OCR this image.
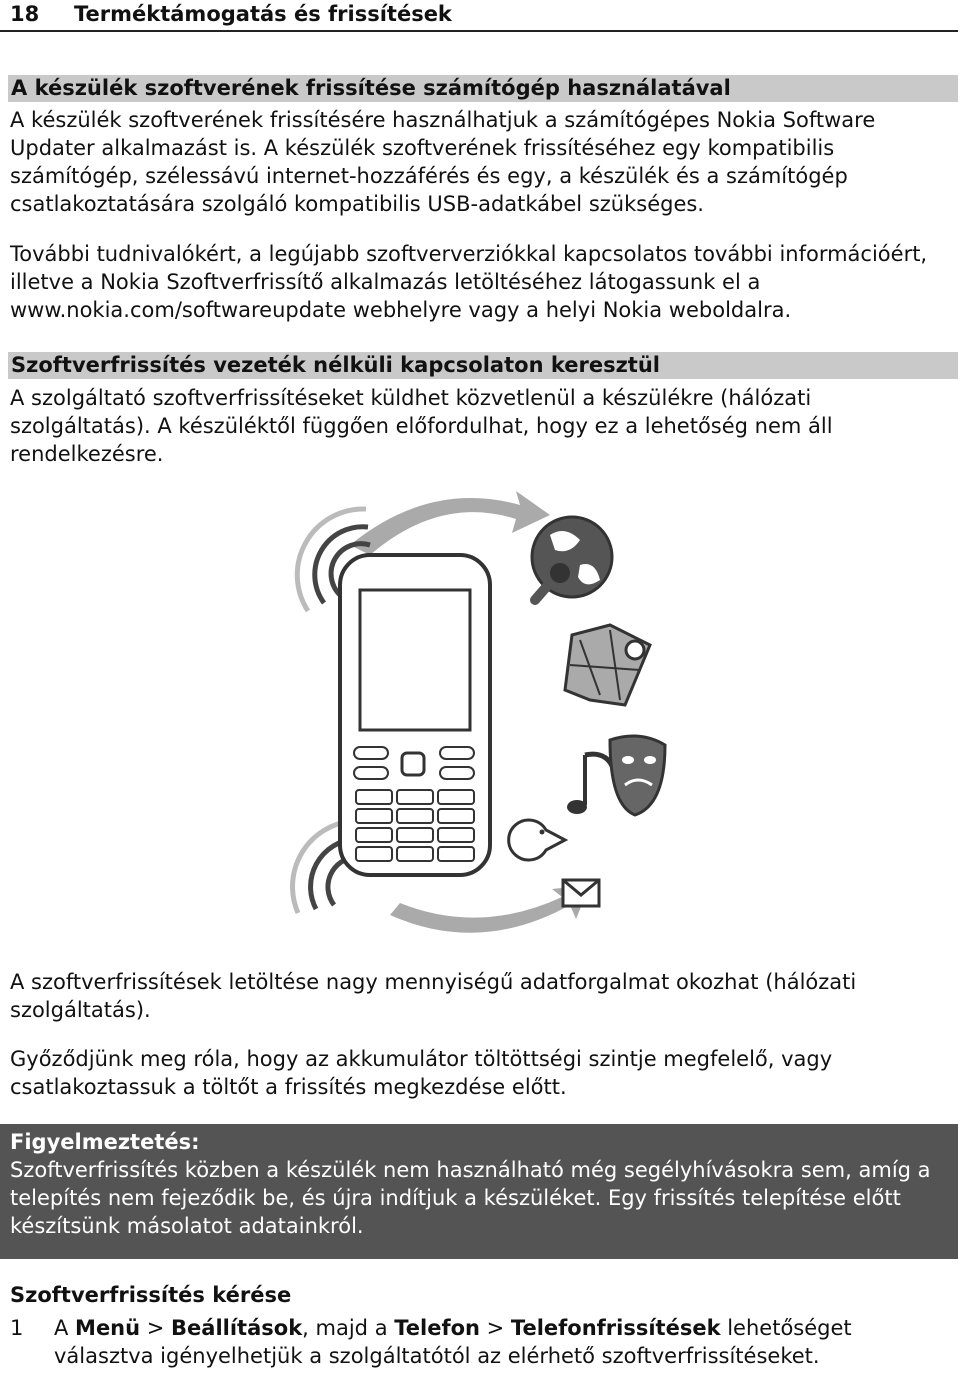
18 Terméktámogatás és frissítések
A készülék szoftverének frissítése számítógép használatával

A készülék szoftverének frissítésére használhatjuk a számítógépes Nokia Software Updater alkalmazást is. A készülék szoftverének frissítéséhez egy kompatibilis számítógép, szélessávú internet-hozzáférés és egy, a készülék és a számítógép csatlakoztatására szolgáló kompatibilis USB-adatkábel szükséges.

További tudnivalókért, a legújabb szoftververziókkal kapcsolatos további információért, illetve a Nokia Szoftverfrissítő alkalmazás letöltéséhez látogassunk el a www.nokia.com/softwareupdate webhelyre vagy a helyi Nokia weboldalra.

Szoftverfrissítés vezeték nélküli kapcsolaton keresztül

A szolgáltató szoftverfrissítéseket küldhet közvetlenül a készülékre (hálózati szolgáltatás). A készüléktől függően előfordulhat, hogy ez a lehetőség nem áll rendelkezésre.

A szoftverfrissítések letöltése nagy mennyiségű adatforgalmat okozhat (hálózati szolgáltatás).

Győződjünk meg róla, hogy az akkumulátor töltöttségi szintje megfelelő, vagy csatlakoztassuk a töltőt a frissítés megkezdése előtt.

Figyelmeztetés:
Szoftverfrissítés közben a készülék nem használható még segélyhívásokra sem, amíg a telepítés nem fejeződik be, és újra indítjuk a készüléket. Egy frissítés telepítése előtt készítsünk másolatot adatainkról.
Szoftverfrissítés kérése
1 A Menü > Beállítások, majd a Telefon > Telefonfrissítések lehetőséget választva igényelhetjük a szolgáltatótól az elérhető szoftverfrissítéseket.
